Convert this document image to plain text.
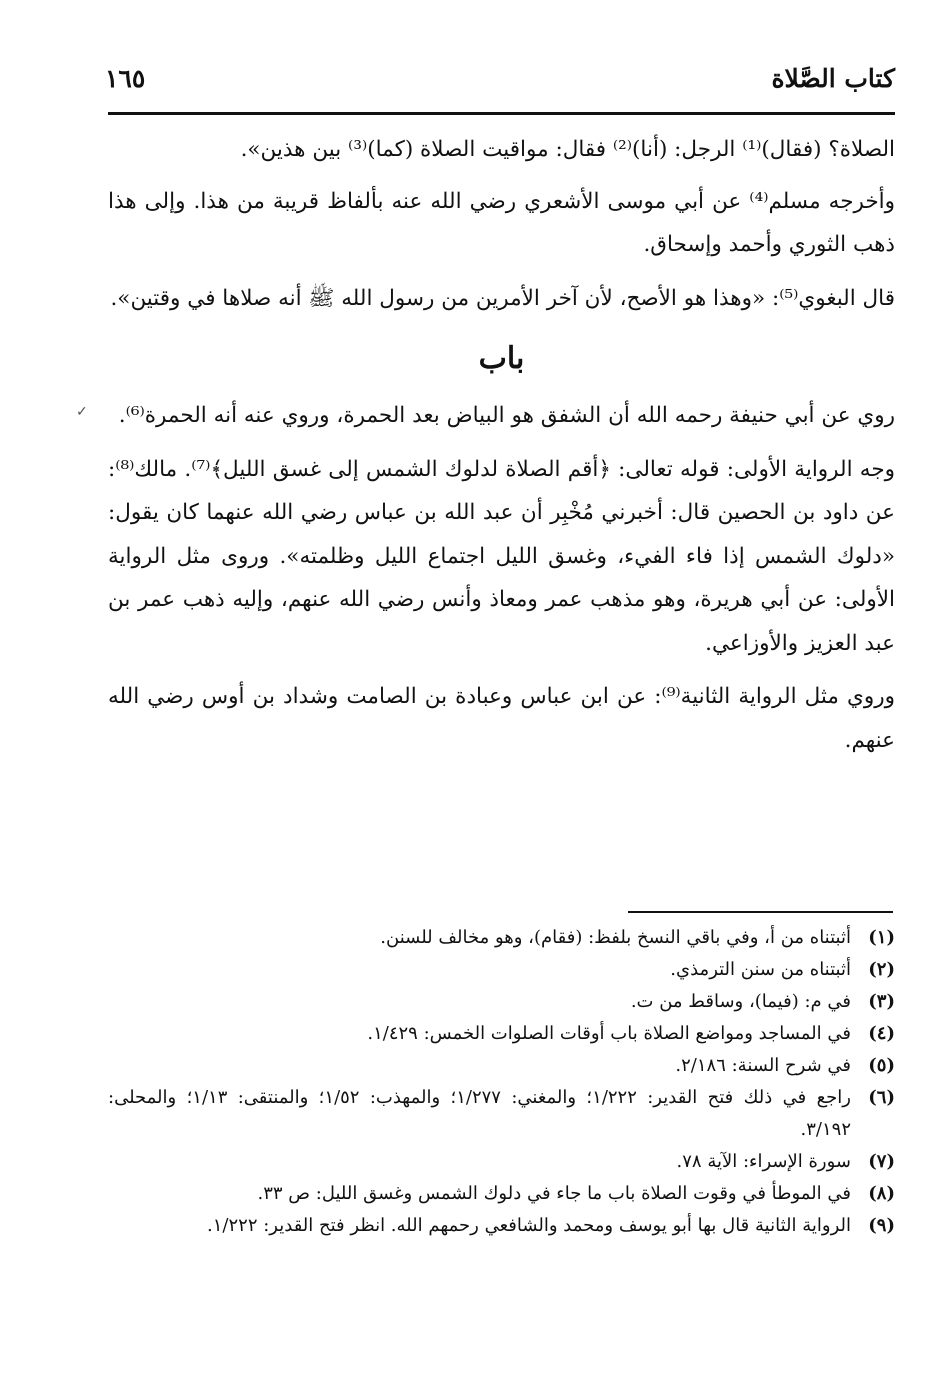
كتاب الصَّلاة
١٦٥

الصلاة؟ (فقال)⁽¹⁾ الرجل: (أنا)⁽²⁾ فقال: مواقيت الصلاة (كما)⁽³⁾ بين هذين».

وأخرجه مسلم⁽⁴⁾ عن أبي موسى الأشعري رضي الله عنه بألفاظ قريبة من هذا. وإلى هذا ذهب الثوري وأحمد وإسحاق.

قال البغوي⁽⁵⁾: «وهذا هو الأصح، لأن آخر الأمرين من رسول الله ﷺ أنه صلاها في وقتين».

باب

روي عن أبي حنيفة رحمه الله أن الشفق هو البياض بعد الحمرة، وروي عنه أنه الحمرة⁽⁶⁾.

وجه الرواية الأولى: قوله تعالى: ﴿أقم الصلاة لدلوك الشمس إلى غسق الليل﴾⁽⁷⁾. مالك⁽⁸⁾: عن داود بن الحصين قال: أخبرني مُخْبِر أن عبد الله بن عباس رضي الله عنهما كان يقول: «دلوك الشمس إذا فاء الفيء، وغسق الليل اجتماع الليل وظلمته». وروى مثل الرواية الأولى: عن أبي هريرة، وهو مذهب عمر ومعاذ وأنس رضي الله عنهم، وإليه ذهب عمر بن عبد العزيز والأوزاعي.

وروي مثل الرواية الثانية⁽⁹⁾: عن ابن عباس وعبادة بن الصامت وشداد بن أوس رضي الله عنهم.

(١)
أثبتناه من أ، وفي باقي النسخ بلفظ: (فقام)، وهو مخالف للسنن.
(٢)
أثبتناه من سنن الترمذي.
(٣)
في م: (فيما)، وساقط من ت.
(٤)
في المساجد ومواضع الصلاة باب أوقات الصلوات الخمس: ١/٤٢٩.
(٥)
في شرح السنة: ٢/١٨٦.
(٦)
راجع في ذلك فتح القدير: ١/٢٢٢؛ والمغني: ١/٢٧٧؛ والمهذب: ١/٥٢؛ والمنتقى: ١/١٣؛ والمحلى: ٣/١٩٢.
(٧)
سورة الإسراء: الآية ٧٨.
(٨)
في الموطأ في وقوت الصلاة باب ما جاء في دلوك الشمس وغسق الليل: ص ٣٣.
(٩)
الرواية الثانية قال بها أبو يوسف ومحمد والشافعي رحمهم الله. انظر فتح القدير: ١/٢٢٢.
✓
